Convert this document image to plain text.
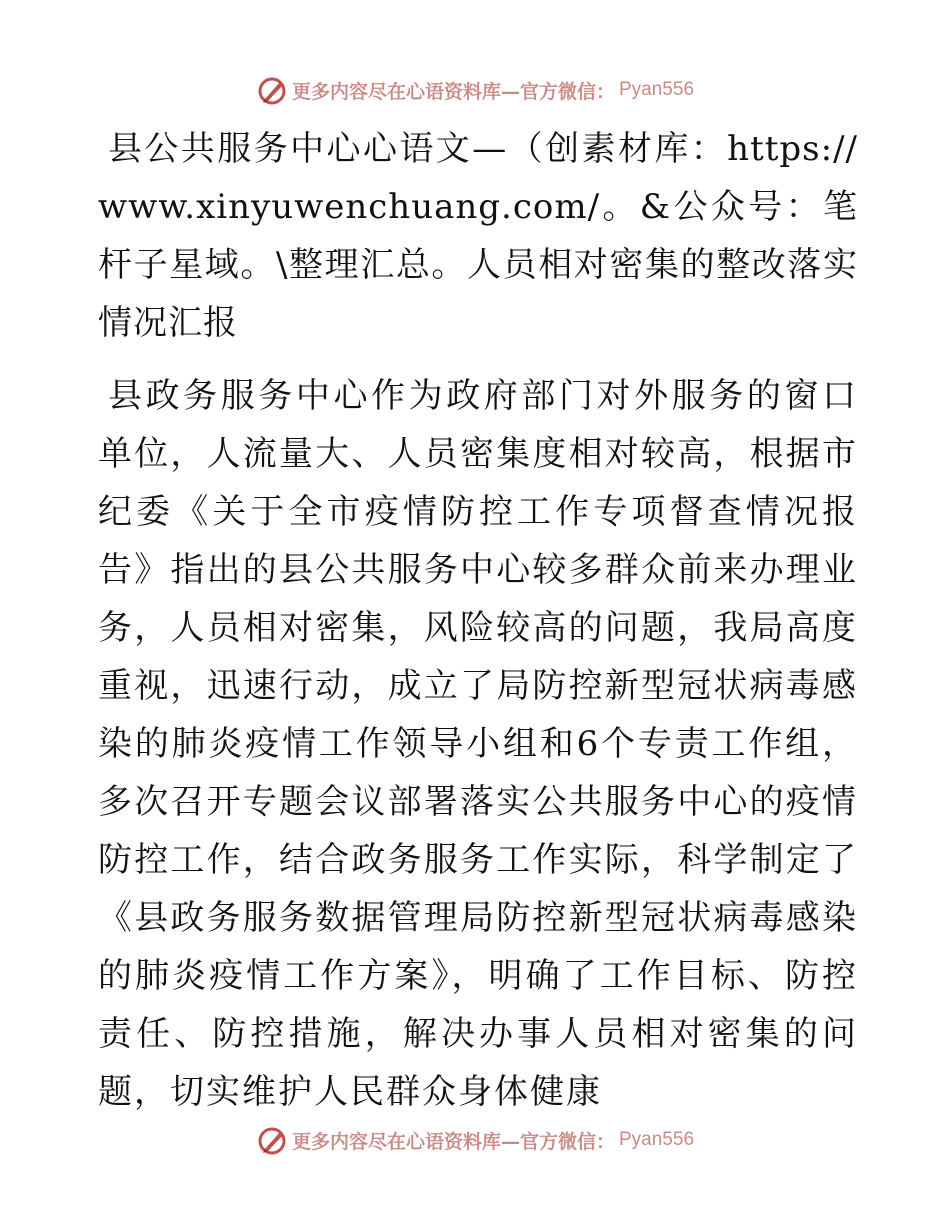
更多内容尽在心语资料库—官方微信： Pyan556

县公共服务中心心语文—（创素材库：https://www.xinyuwenchuang.com/。&公众号：笔杆子星域。\整理汇总。人员相对密集的整改落实情况汇报

县政务服务中心作为政府部门对外服务的窗口单位，人流量大、人员密集度相对较高，根据市纪委《关于全市疫情防控工作专项督查情况报告》指出的县公共服务中心较多群众前来办理业务，人员相对密集，风险较高的问题，我局高度重视，迅速行动，成立了局防控新型冠状病毒感染的肺炎疫情工作领导小组和6个专责工作组，多次召开专题会议部署落实公共服务中心的疫情防控工作，结合政务服务工作实际，科学制定了《县政务服务数据管理局防控新型冠状病毒感染的肺炎疫情工作方案》，明确了工作目标、防控责任、防控措施，解决办事人员相对密集的问题，切实维护人民群众身体健康

更多内容尽在心语资料库—官方微信： Pyan556
